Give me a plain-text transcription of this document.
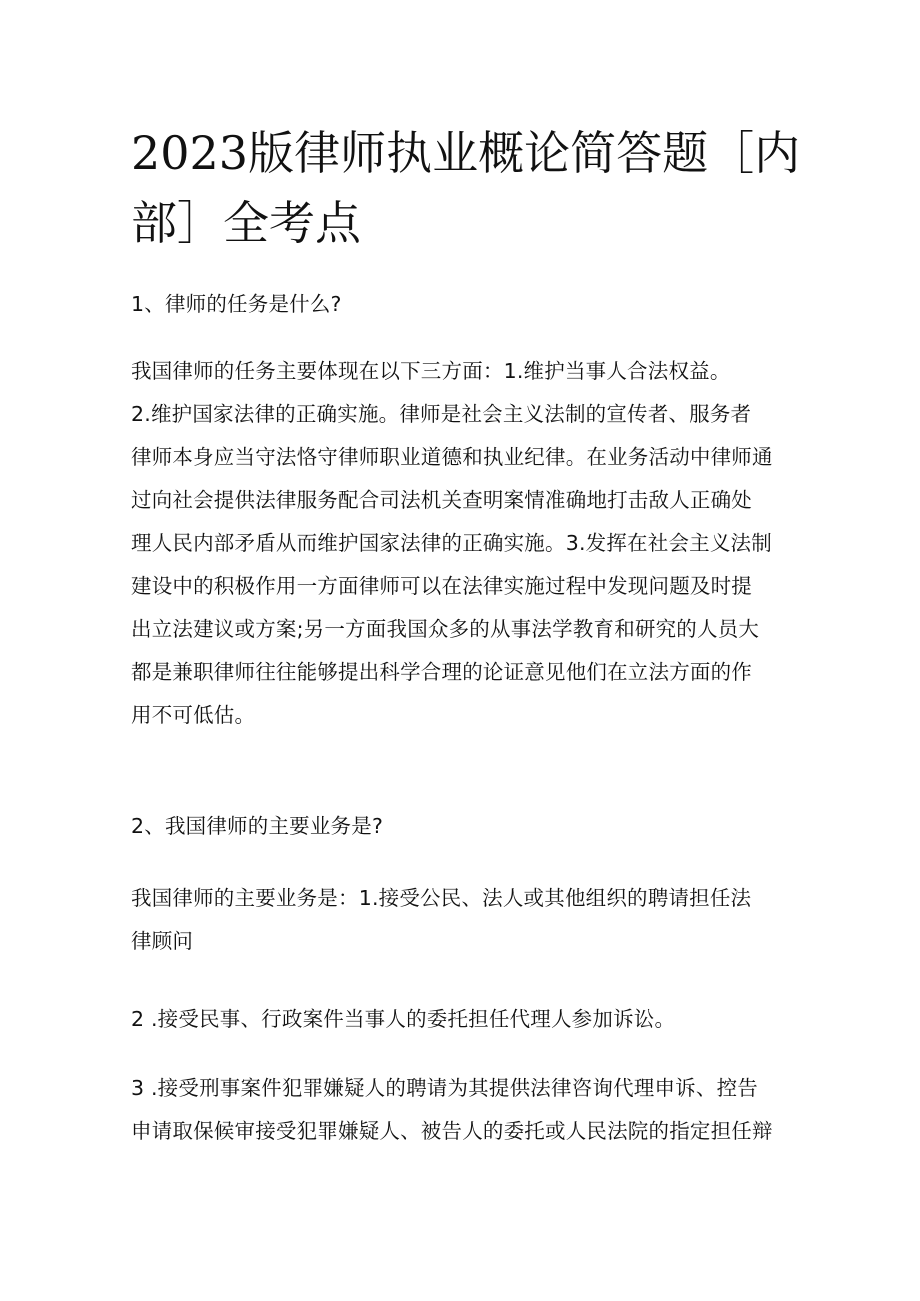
2023版律师执业概论简答题［内
部］全考点

1、律师的任务是什么?

我国律师的任务主要体现在以下三方面：1.维护当事人合法权益。
2.维护国家法律的正确实施。律师是社会主义法制的宣传者、服务者
律师本身应当守法恪守律师职业道德和执业纪律。在业务活动中律师通
过向社会提供法律服务配合司法机关查明案情准确地打击敌人正确处
理人民内部矛盾从而维护国家法律的正确实施。3.发挥在社会主义法制
建设中的积极作用一方面律师可以在法律实施过程中发现问题及时提
出立法建议或方案;另一方面我国众多的从事法学教育和研究的人员大
都是兼职律师往往能够提出科学合理的论证意见他们在立法方面的作
用不可低估。

2、我国律师的主要业务是?

我国律师的主要业务是：1.接受公民、法人或其他组织的聘请担任法
律顾问

2 .接受民事、行政案件当事人的委托担任代理人参加诉讼。

3 .接受刑事案件犯罪嫌疑人的聘请为其提供法律咨询代理申诉、控告
申请取保候审接受犯罪嫌疑人、被告人的委托或人民法院的指定担任辩
